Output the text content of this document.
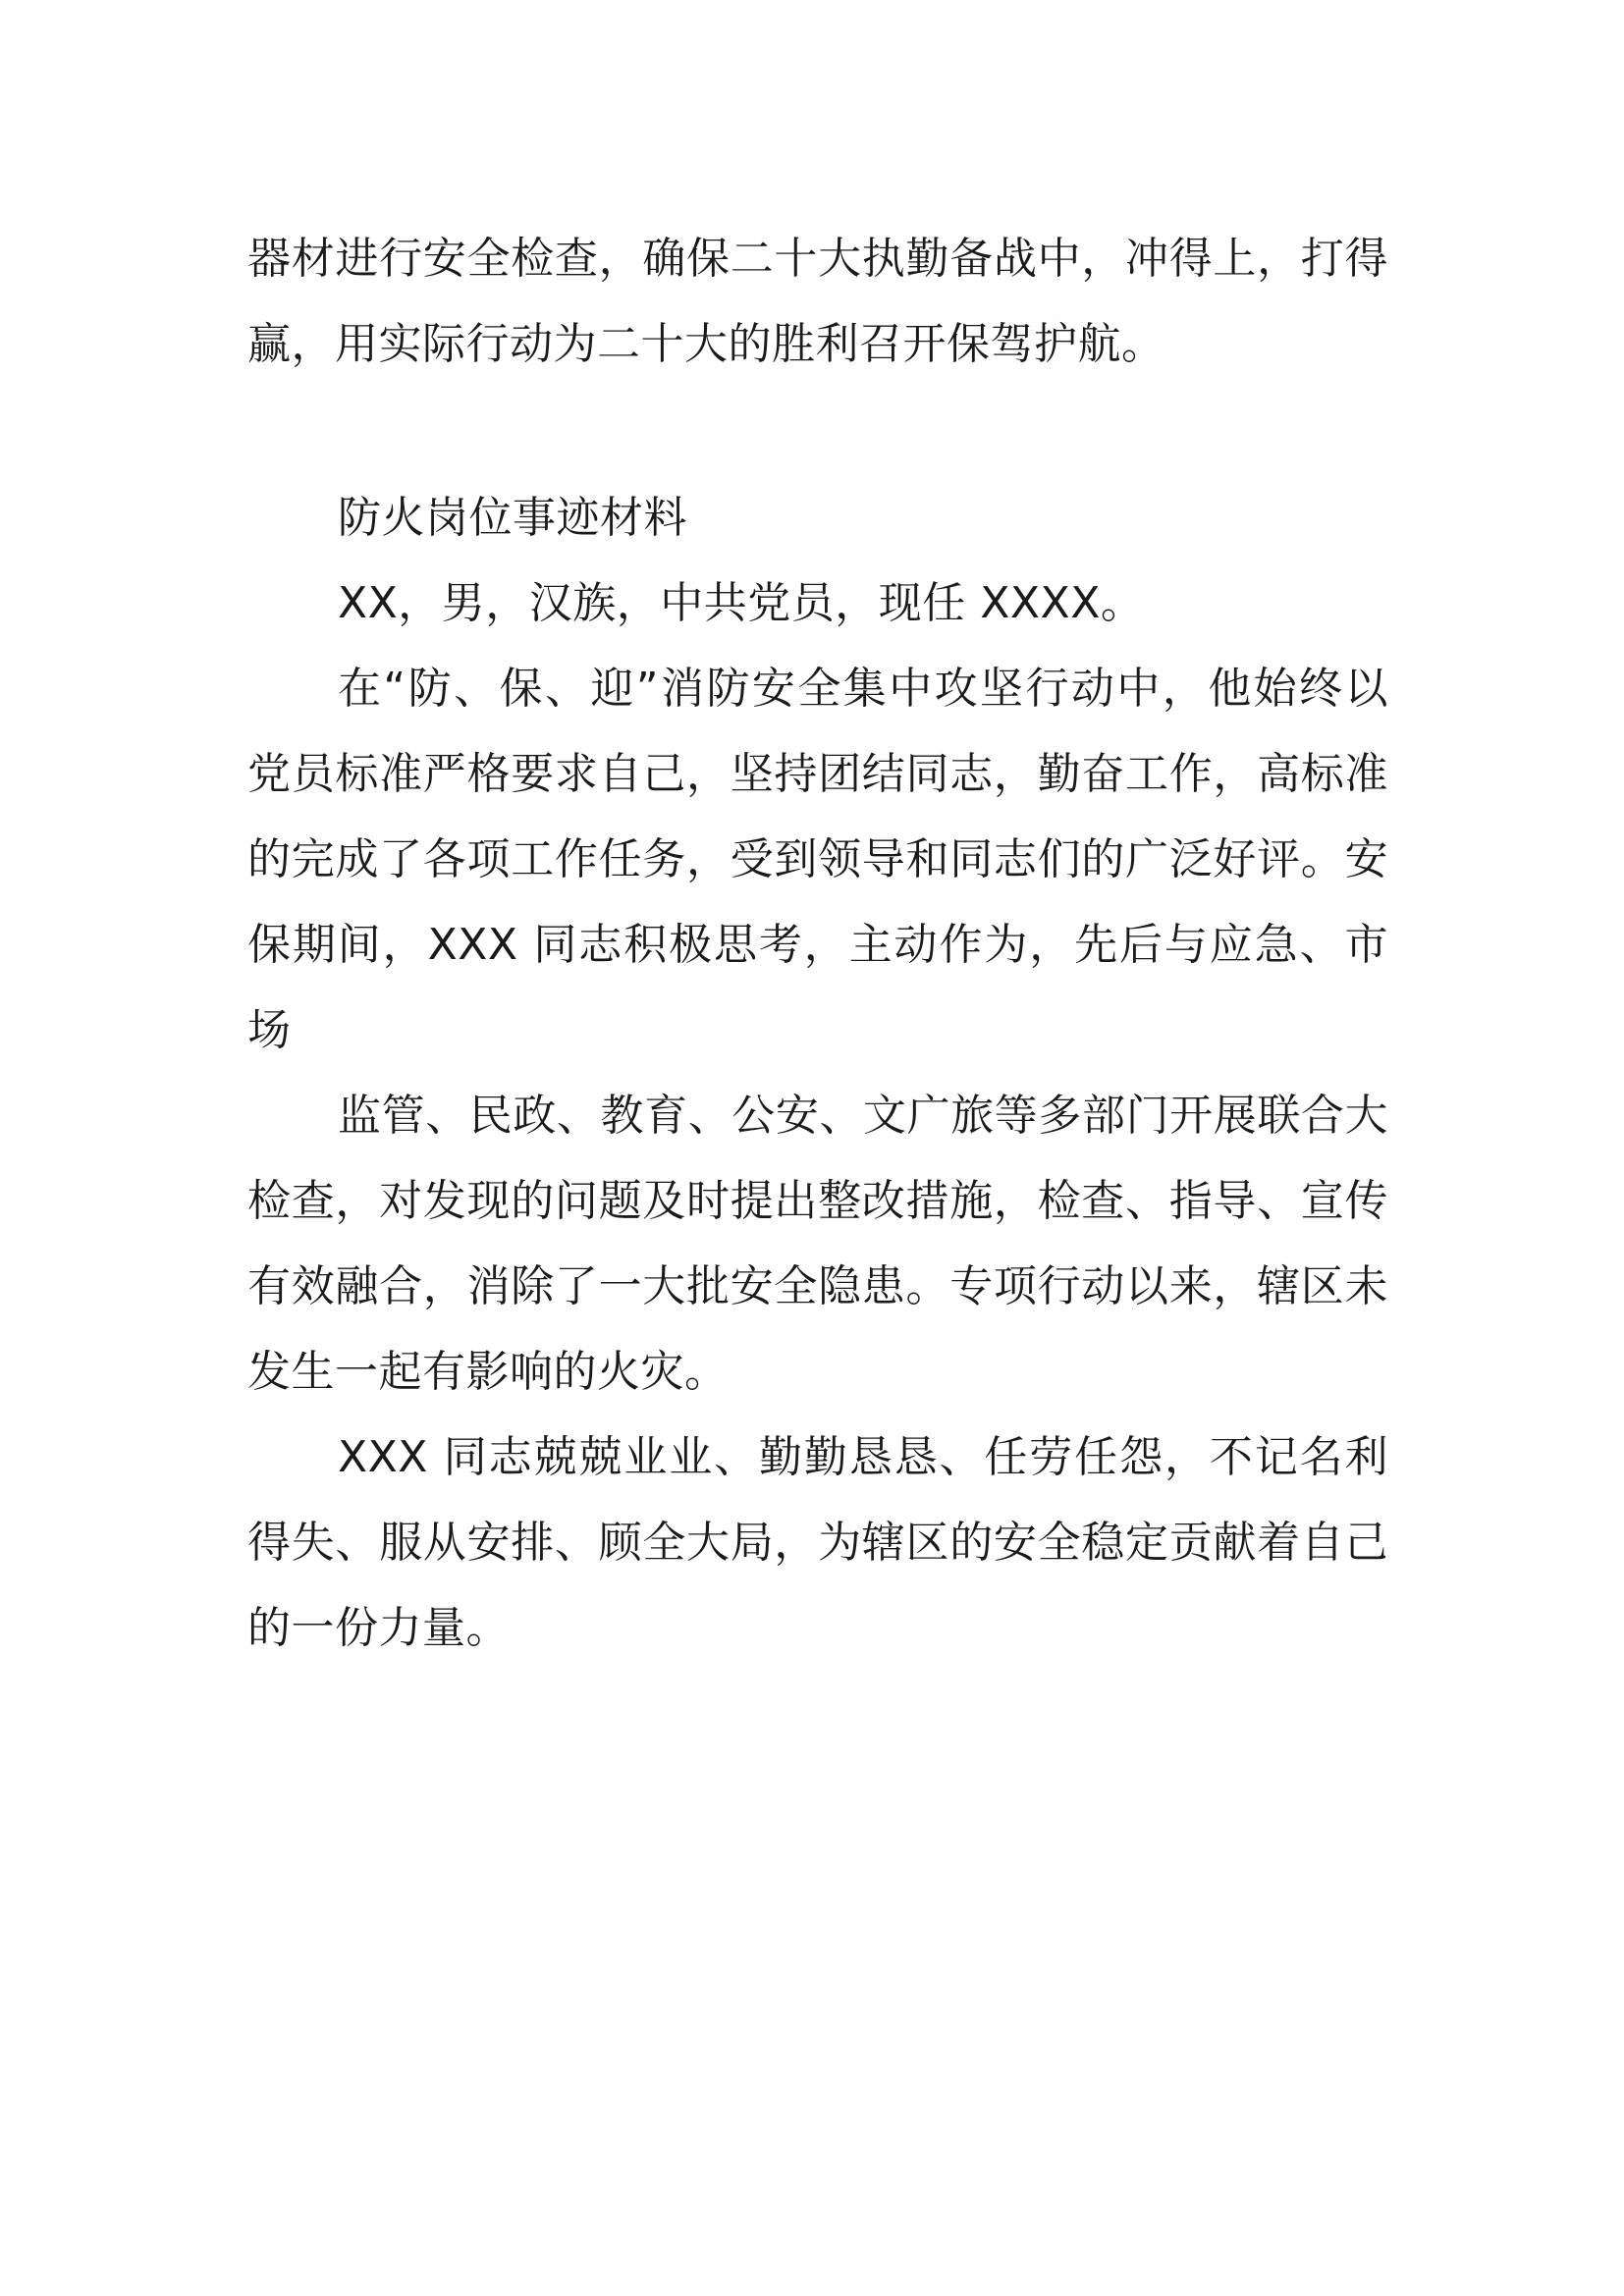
器材进行安全检查，确保二十大执勤备战中，冲得上，打得赢，用实际行动为二十大的胜利召开保驾护航。

防火岗位事迹材料

XX，男，汉族，中共党员，现任 XXXX。

在“防、保、迎”消防安全集中攻坚行动中，他始终以党员标准严格要求自己，坚持团结同志，勤奋工作，高标准的完成了各项工作任务，受到领导和同志们的广泛好评。安保期间，XXX 同志积极思考，主动作为，先后与应急、市场

监管、民政、教育、公安、文广旅等多部门开展联合大检查，对发现的问题及时提出整改措施，检查、指导、宣传有效融合，消除了一大批安全隐患。专项行动以来，辖区未发生一起有影响的火灾。

XXX 同志兢兢业业、勤勤恳恳、任劳任怨，不记名利得失、服从安排、顾全大局，为辖区的安全稳定贡献着自己的一份力量。
